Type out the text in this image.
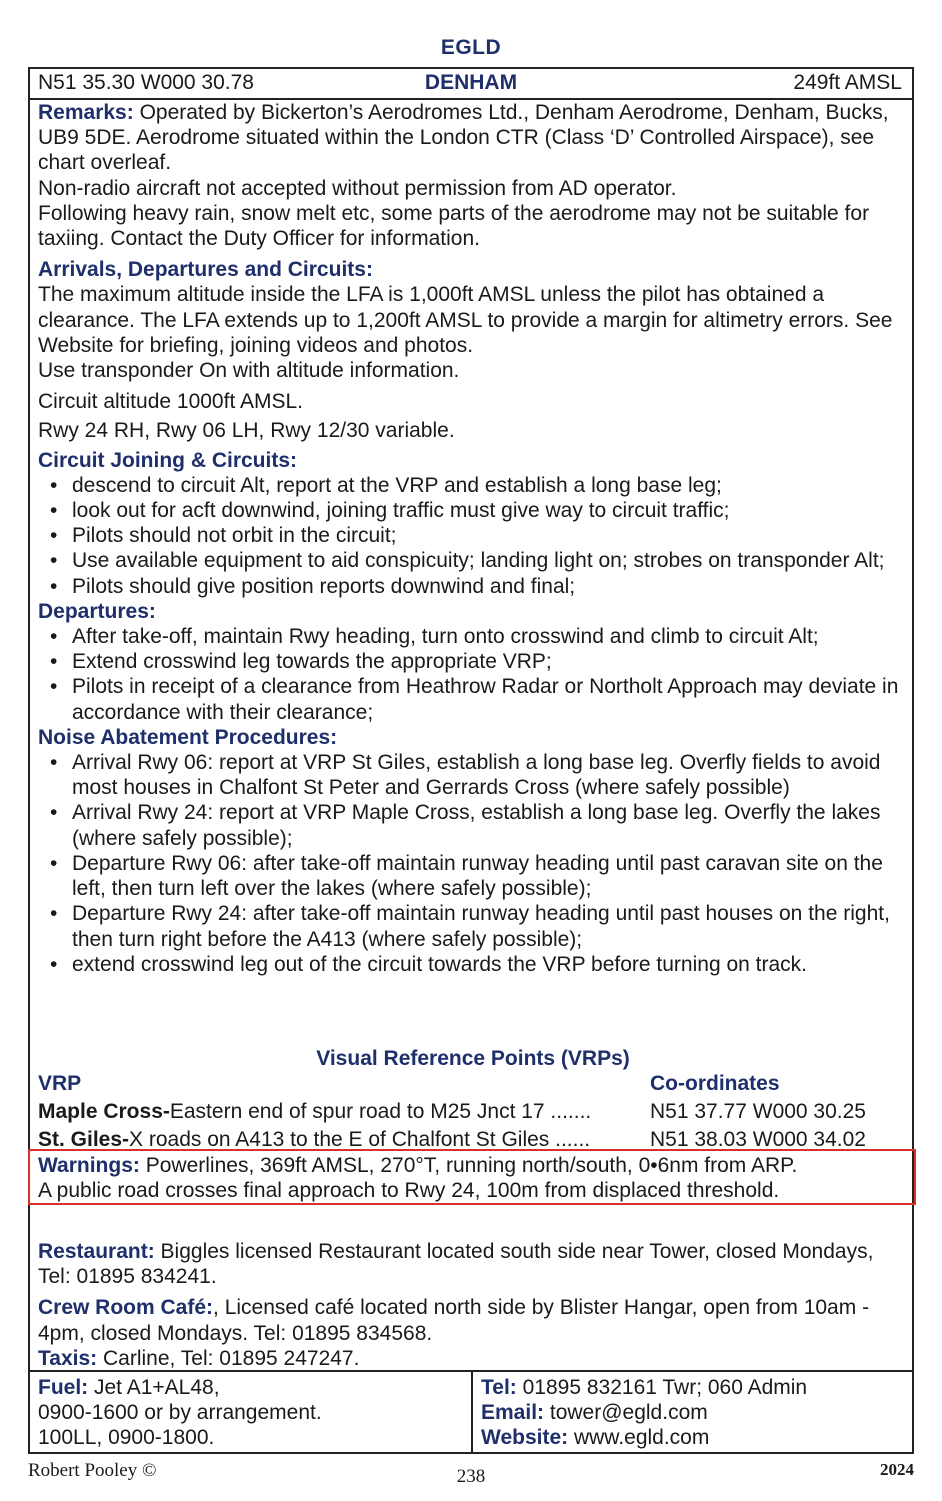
EGLD
N51 35.30 W000 30.78	DENHAM	249ft AMSL

Remarks: Operated by Bickerton’s Aerodromes Ltd., Denham Aerodrome, Denham, Bucks, UB9 5DE. Aerodrome situated within the London CTR (Class ‘D’ Controlled Airspace), see chart overleaf.

Non-radio aircraft not accepted without permission from AD operator.

Following heavy rain, snow melt etc, some parts of the aerodrome may not be suitable for taxiing. Contact the Duty Officer for information.

Arrivals, Departures and Circuits:

The maximum altitude inside the LFA is 1,000ft AMSL unless the pilot has obtained a clearance. The LFA extends up to 1,200ft AMSL to provide a margin for altimetry errors. See Website for briefing, joining videos and photos.

Use transponder On with altitude information.

Circuit altitude 1000ft AMSL.

Rwy 24 RH, Rwy 06 LH, Rwy 12/30 variable.

Circuit Joining & Circuits:

• descend to circuit Alt, report at the VRP and establish a long base leg;
• look out for acft downwind, joining traffic must give way to circuit traffic;
• Pilots should not orbit in the circuit;
• Use available equipment to aid conspicuity; landing light on; strobes on transponder Alt;
• Pilots should give position reports downwind and final;

Departures:

• After take-off, maintain Rwy heading, turn onto crosswind and climb to circuit Alt;
• Extend crosswind leg towards the appropriate VRP;
• Pilots in receipt of a clearance from Heathrow Radar or Northolt Approach may deviate in accordance with their clearance;

Noise Abatement Procedures:

• Arrival Rwy 06: report at VRP St Giles, establish a long base leg. Overfly fields to avoid most houses in Chalfont St Peter and Gerrards Cross (where safely possible)
• Arrival Rwy 24: report at VRP Maple Cross, establish a long base leg. Overfly the lakes (where safely possible);
• Departure Rwy 06: after take-off maintain runway heading until past caravan site on the left, then turn left over the lakes (where safely possible);
• Departure Rwy 24: after take-off maintain runway heading until past houses on the right, then turn right before the A413 (where safely possible);
• extend crosswind leg out of the circuit towards the VRP before turning on track.
Visual Reference Points (VRPs)
VRP	Co-ordinates
Maple Cross-Eastern end of spur road to M25 Jnct 17 .......	N51 37.77 W000 30.25
St. Giles-X roads on A413 to the E of Chalfont St Giles ......	N51 38.03 W000 34.02
Warnings: Powerlines, 369ft AMSL, 270°T, running north/south, 0•6nm from ARP.
A public road crosses final approach to Rwy 24, 100m from displaced threshold.

Restaurant: Biggles licensed Restaurant located south side near Tower, closed Mondays, Tel: 01895 834241.

Crew Room Café:, Licensed café located north side by Blister Hangar, open from 10am - 4pm, closed Mondays. Tel: 01895 834568.

Taxis: Carline, Tel: 01895 247247.

Fuel: Jet A1+AL48,
0900-1600 or by arrangement.
100LL, 0900-1800.
Tel: 01895 832161 Twr; 060 Admin
Email: tower@egld.com
Website: www.egld.com
Robert Pooley ©	238	2024
